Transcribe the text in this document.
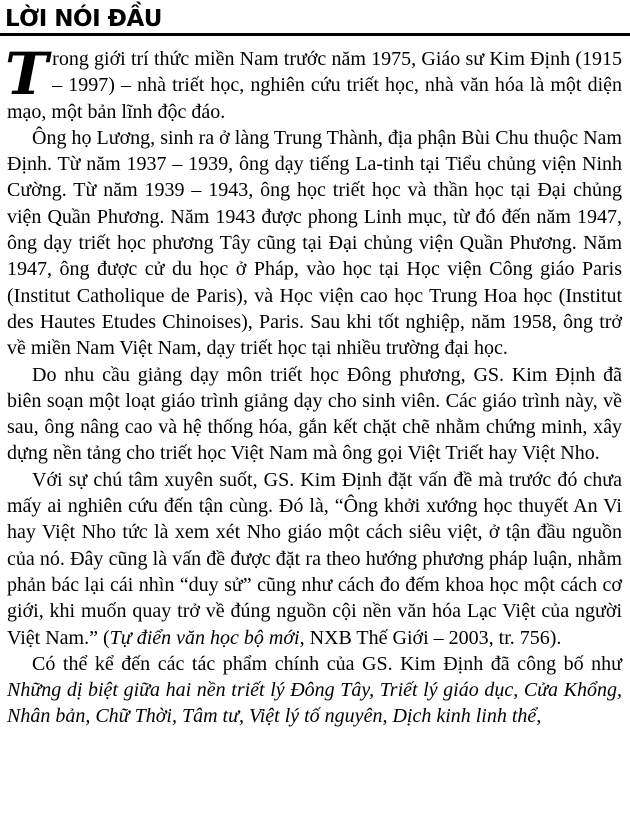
LỜI NÓI ĐẦU

Trong giới trí thức miền Nam trước năm 1975, Giáo sư Kim Định (1915 – 1997) – nhà triết học, nghiên cứu triết học, nhà văn hóa là một diện mạo, một bản lĩnh độc đáo.

Ông họ Lương, sinh ra ở làng Trung Thành, địa phận Bùi Chu thuộc Nam Định. Từ năm 1937 – 1939, ông dạy tiếng La-tinh tại Tiểu chủng viện Ninh Cường. Từ năm 1939 – 1943, ông học triết học và thần học tại Đại chủng viện Quần Phương. Năm 1943 được phong Linh mục, từ đó đến năm 1947, ông dạy triết học phương Tây cũng tại Đại chủng viện Quần Phương. Năm 1947, ông được cử du học ở Pháp, vào học tại Học viện Công giáo Paris (Institut Catholique de Paris), và Học viện cao học Trung Hoa học (Institut des Hautes Etudes Chinoises), Paris. Sau khi tốt nghiệp, năm 1958, ông trở về miền Nam Việt Nam, dạy triết học tại nhiều trường đại học.

Do nhu cầu giảng dạy môn triết học Đông phương, GS. Kim Định đã biên soạn một loạt giáo trình giảng dạy cho sinh viên. Các giáo trình này, về sau, ông nâng cao và hệ thống hóa, gắn kết chặt chẽ nhằm chứng minh, xây dựng nền tảng cho triết học Việt Nam mà ông gọi Việt Triết hay Việt Nho.

Với sự chú tâm xuyên suốt, GS. Kim Định đặt vấn đề mà trước đó chưa mấy ai nghiên cứu đến tận cùng. Đó là, “Ông khởi xướng học thuyết An Vi hay Việt Nho tức là xem xét Nho giáo một cách siêu việt, ở tận đầu nguồn của nó. Đây cũng là vấn đề được đặt ra theo hướng phương pháp luận, nhằm phản bác lại cái nhìn “duy sử” cũng như cách đo đếm khoa học một cách cơ giới, khi muốn quay trở về đúng nguồn cội nền văn hóa Lạc Việt của người Việt Nam.” (Tự điển văn học bộ mới, NXB Thế Giới – 2003, tr. 756).

Có thể kể đến các tác phẩm chính của GS. Kim Định đã công bố như Những dị biệt giữa hai nền triết lý Đông Tây, Triết lý giáo dục, Cửa Khổng, Nhân bản, Chữ Thời, Tâm tư, Việt lý tố nguyên, Dịch kinh linh thể,
